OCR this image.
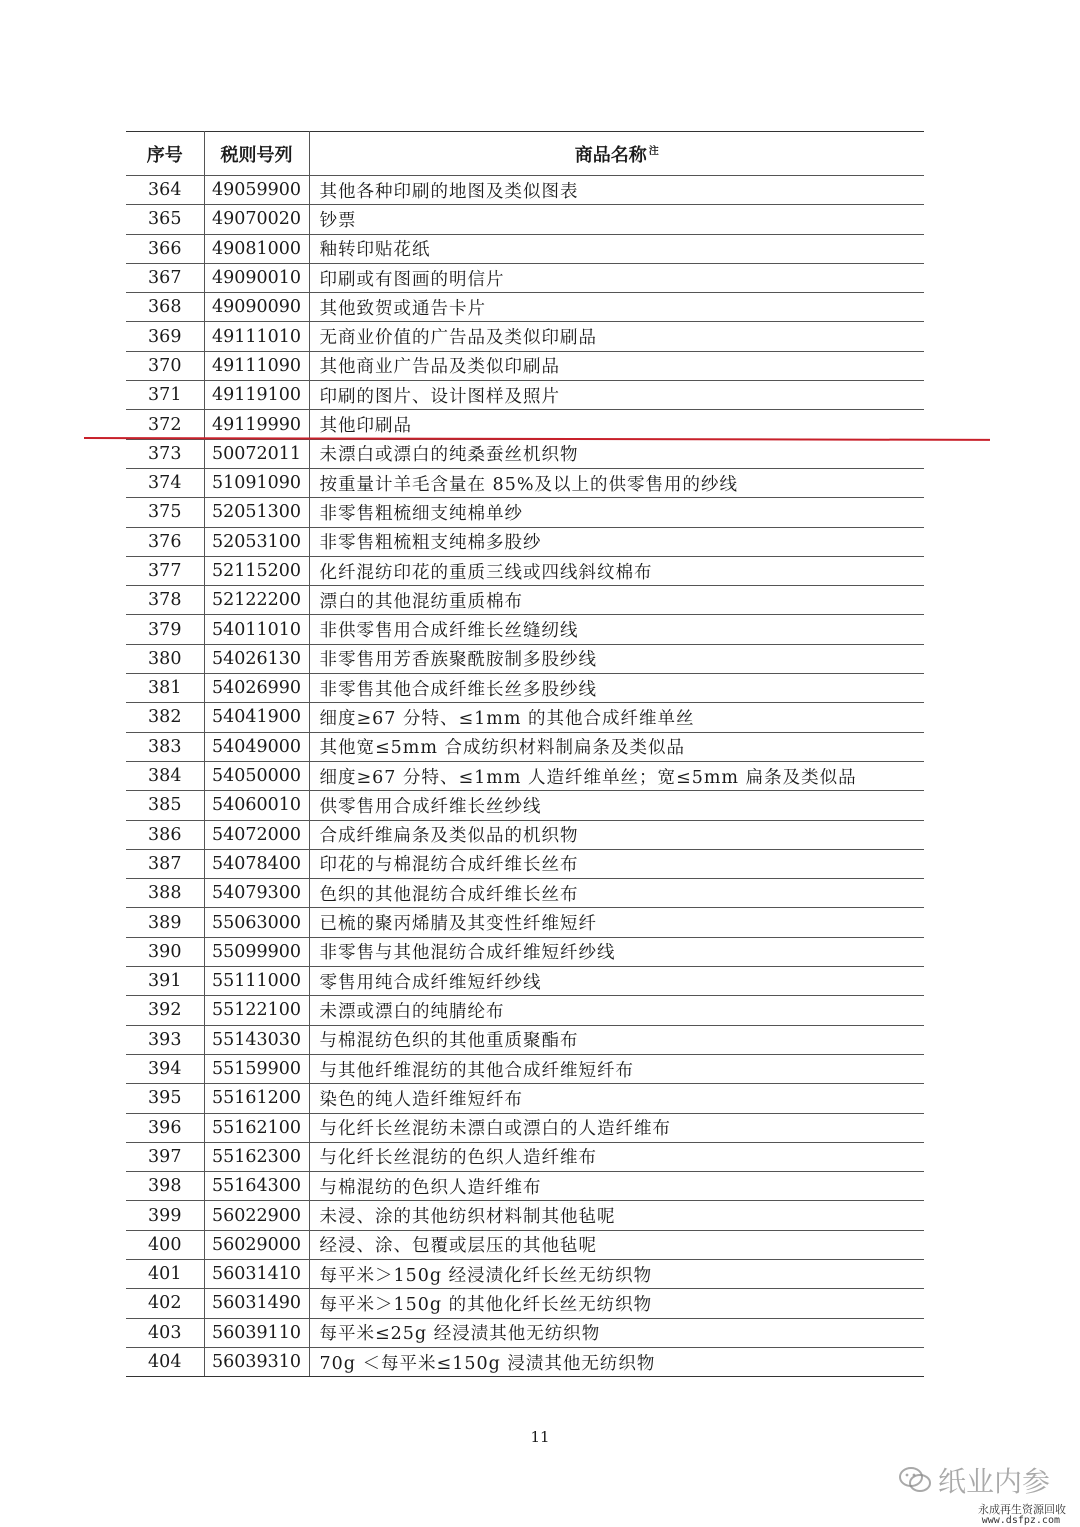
序号	税则号列	商品名称 $^注$
364	49059900	其他各种印刷的地图及类似图表
365	49070020	钞票
366	49081000	釉转印贴花纸
367	49090010	印刷或有图画的明信片
368	49090090	其他致贺或通告卡片
369	49111010	无商业价值的广告品及类似印刷品
370	49111090	其他商业广告品及类似印刷品
371	49119100	印刷的图片、设计图样及照片
372	49119990	其他印刷品
373	50072011	未漂白或漂白的纯桑蚕丝机织物
374	51091090	按重量计羊毛含量在 85%及以上的供零售用的纱线
375	52051300	非零售粗梳细支纯棉单纱
376	52053100	非零售粗梳粗支纯棉多股纱
377	52115200	化纤混纺印花的重质三线或四线斜纹棉布
378	52122200	漂白的其他混纺重质棉布
379	54011010	非供零售用合成纤维长丝缝纫线
380	54026130	非零售用芳香族聚酰胺制多股纱线
381	54026990	非零售其他合成纤维长丝多股纱线
382	54041900	细度≥67 分特、≤1mm 的其他合成纤维单丝
383	54049000	其他宽≤5mm 合成纺织材料制扁条及类似品
384	54050000	细度≥67 分特、≤1mm 人造纤维单丝；宽≤5mm 扁条及类似品
385	54060010	供零售用合成纤维长丝纱线
386	54072000	合成纤维扁条及类似品的机织物
387	54078400	印花的与棉混纺合成纤维长丝布
388	54079300	色织的其他混纺合成纤维长丝布
389	55063000	已梳的聚丙烯腈及其变性纤维短纤
390	55099900	非零售与其他混纺合成纤维短纤纱线
391	55111000	零售用纯合成纤维短纤纱线
392	55122100	未漂或漂白的纯腈纶布
393	55143030	与棉混纺色织的其他重质聚酯布
394	55159900	与其他纤维混纺的其他合成纤维短纤布
395	55161200	染色的纯人造纤维短纤布
396	55162100	与化纤长丝混纺未漂白或漂白的人造纤维布
397	55162300	与化纤长丝混纺的色织人造纤维布
398	55164300	与棉混纺的色织人造纤维布
399	56022900	未浸、涂的其他纺织材料制其他毡呢
400	56029000	经浸、涂、包覆或层压的其他毡呢
401	56031410	每平米＞150g 经浸渍化纤长丝无纺织物
402	56031490	每平米＞150g 的其他化纤长丝无纺织物
403	56039110	每平米≤25g 经浸渍其他无纺织物
404	56039310	70g ＜每平米≤150g 浸渍其他无纺织物
11
纸业内参
永成再生资源回收
www.dsfpz.com
